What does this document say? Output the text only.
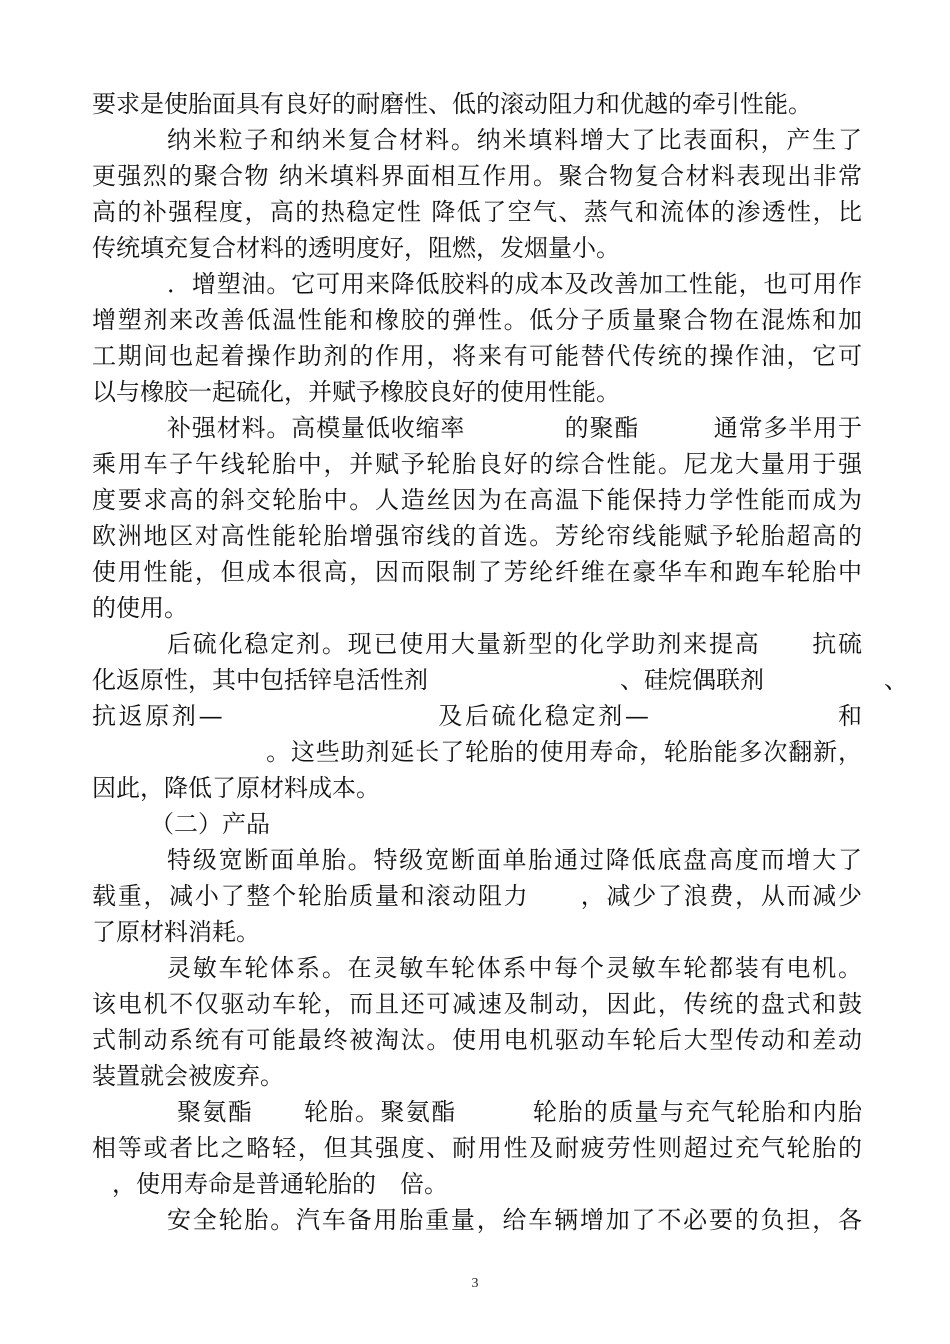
要求是使胎面具有良好的耐磨性、低的滚动阻力和优越的牵引性能。
纳米粒子和纳米复合材料。纳米填料增大了比表面积，产生了
更强烈的聚合物 纳米填料界面相互作用。聚合物复合材料表现出非常
高的补强程度，高的热稳定性 降低了空气、蒸气和流体的渗透性，比
传统填充复合材料的透明度好，阻燃，发烟量小。
．增塑油。它可用来降低胶料的成本及改善加工性能，也可用作
增塑剂来改善低温性能和橡胶的弹性。低分子质量聚合物在混炼和加
工期间也起着操作助剂的作用，将来有可能替代传统的操作油，它可
以与橡胶一起硫化，并赋予橡胶良好的使用性能。
补强材料。高模量低收缩率　　　　的聚酯　　　通常多半用于
乘用车子午线轮胎中，并赋予轮胎良好的综合性能。尼龙大量用于强
度要求高的斜交轮胎中。人造丝因为在高温下能保持力学性能而成为
欧洲地区对高性能轮胎增强帘线的首选。芳纶帘线能赋予轮胎超高的
使用性能，但成本很高，因而限制了芳纶纤维在豪华车和跑车轮胎中
的使用。
后硫化稳定剂。现已使用大量新型的化学助剂来提高　　抗硫
化返原性，其中包括锌皂活性剂　　　　　　　　、硅烷偶联剂　　　　　、
抗返原剂—　　　　　　　　及后硫化稳定剂—　　　　　　　和
　　　　　　　。这些助剂延长了轮胎的使用寿命，轮胎能多次翻新，
因此，降低了原材料成本。
（二）产品
特级宽断面单胎。特级宽断面单胎通过降低底盘高度而增大了
载重，减小了整个轮胎质量和滚动阻力　　，减少了浪费，从而减少
了原材料消耗。
灵敏车轮体系。在灵敏车轮体系中每个灵敏车轮都装有电机。
该电机不仅驱动车轮，而且还可减速及制动，因此，传统的盘式和鼓
式制动系统有可能最终被淘汰。使用电机驱动车轮后大型传动和差动
装置就会被废弃。
聚氨酯　　轮胎。聚氨酯　　　轮胎的质量与充气轮胎和内胎
相等或者比之略轻，但其强度、耐用性及耐疲劳性则超过充气轮胎的
，使用寿命是普通轮胎的　倍。
安全轮胎。汽车备用胎重量，给车辆增加了不必要的负担，各
3
